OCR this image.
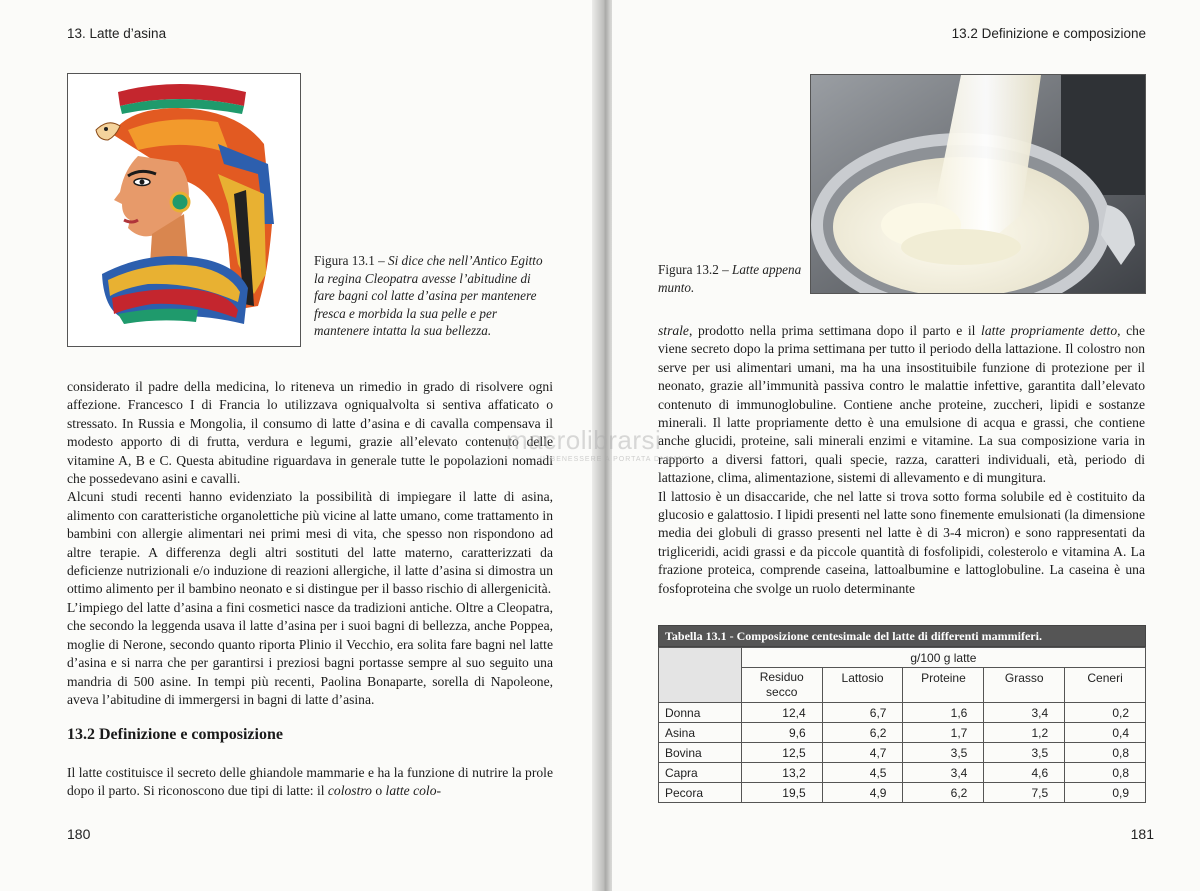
13. Latte d’asina
Figura 13.1 – Si dice che nell’Antico Egitto la regina Cleopatra avesse l’abitudine di fare bagni col latte d’asina per mantenere fresca e morbida la sua pelle e per mantenere intatta la sua bellezza.

considerato il padre della medicina, lo riteneva un rimedio in grado di risolvere ogni affezione. Francesco I di Francia lo utilizzava ogniqualvolta si sentiva affaticato o stressato. In Russia e Mongolia, il consumo di latte d’asina e di cavalla compensava il modesto apporto di di frutta, verdura e legumi, grazie all’elevato contenuto delle vitamine A, B e C. Questa abitudine riguardava in generale tutte le popolazioni nomadi che possedevano asini e cavalli.

Alcuni studi recenti hanno evidenziato la possibilità di impiegare il latte di asina, alimento con caratteristiche organolettiche più vicine al latte umano, come trattamento in bambini con allergie alimentari nei primi mesi di vita, che spesso non rispondono ad altre terapie. A differenza degli altri sostituti del latte materno, caratterizzati da deficienze nutrizionali e/o induzione di reazioni allergiche, il latte d’asina si dimostra un ottimo alimento per il bambino neonato e si distingue per il basso rischio di allergenicità.

L’impiego del latte d’asina a fini cosmetici nasce da tradizioni antiche. Oltre a Cleopatra, che secondo la leggenda usava il latte d’asina per i suoi bagni di bellezza, anche Poppea, moglie di Nerone, secondo quanto riporta Plinio il Vecchio, era solita fare bagni nel latte d’asina e si narra che per garantirsi i preziosi bagni portasse sempre al suo seguito una mandria di 500 asine. In tempi più recenti, Paolina Bonaparte, sorella di Napoleone, aveva l’abitudine di immergersi in bagni di latte d’asina.

13.2 Definizione e composizione

Il latte costituisce il secreto delle ghiandole mammarie e ha la funzione di nutrire la prole dopo il parto. Si riconoscono due tipi di latte: il colostro o latte colo-

180
13.2 Definizione e composizione
Figura 13.2 – Latte appena munto.

strale, prodotto nella prima settimana dopo il parto e il latte propriamente detto, che viene secreto dopo la prima settimana per tutto il periodo della lattazione. Il colostro non serve per usi alimentari umani, ma ha una insostituibile funzione di protezione per il neonato, grazie all’immunità passiva contro le malattie infettive, garantita dall’elevato contenuto di immunoglobuline. Contiene anche proteine, zuccheri, lipidi e sostanze minerali. Il latte propriamente detto è una emulsione di acqua e grassi, che contiene anche glucidi, proteine, sali minerali enzimi e vitamine. La sua composizione varia in rapporto a diversi fattori, quali specie, razza, caratteri individuali, età, periodo di lattazione, clima, alimentazione, sistemi di allevamento e di mungitura.

Il lattosio è un disaccaride, che nel latte si trova sotto forma solubile ed è costituito da glucosio e galattosio. I lipidi presenti nel latte sono finemente emulsionati (la dimensione media dei globuli di grasso presenti nel latte è di 3-4 micron) e sono rappresentati da trigliceridi, acidi grassi e da piccole quantità di fosfolipidi, colesterolo e vitamina A. La frazione proteica, comprende caseina, lattoalbumine e lattoglobuline. La caseina è una fosfoproteina che svolge un ruolo determinante

Tabella 13.1 - Composizione centesimale del latte di differenti mammiferi.
	g/100 g latte				
	Residuo secco	Lattosio	Proteine	Grasso	Ceneri
Donna	12,4	6,7	1,6	3,4	0,2
Asina	9,6	6,2	1,7	1,2	0,4
Bovina	12,5	4,7	3,5	3,5	0,8
Capra	13,2	4,5	3,4	4,6	0,8
Pecora	19,5	4,9	6,2	7,5	0,9
181
macrolibrarsi
IL BENESSERE A PORTATA DI MANO
